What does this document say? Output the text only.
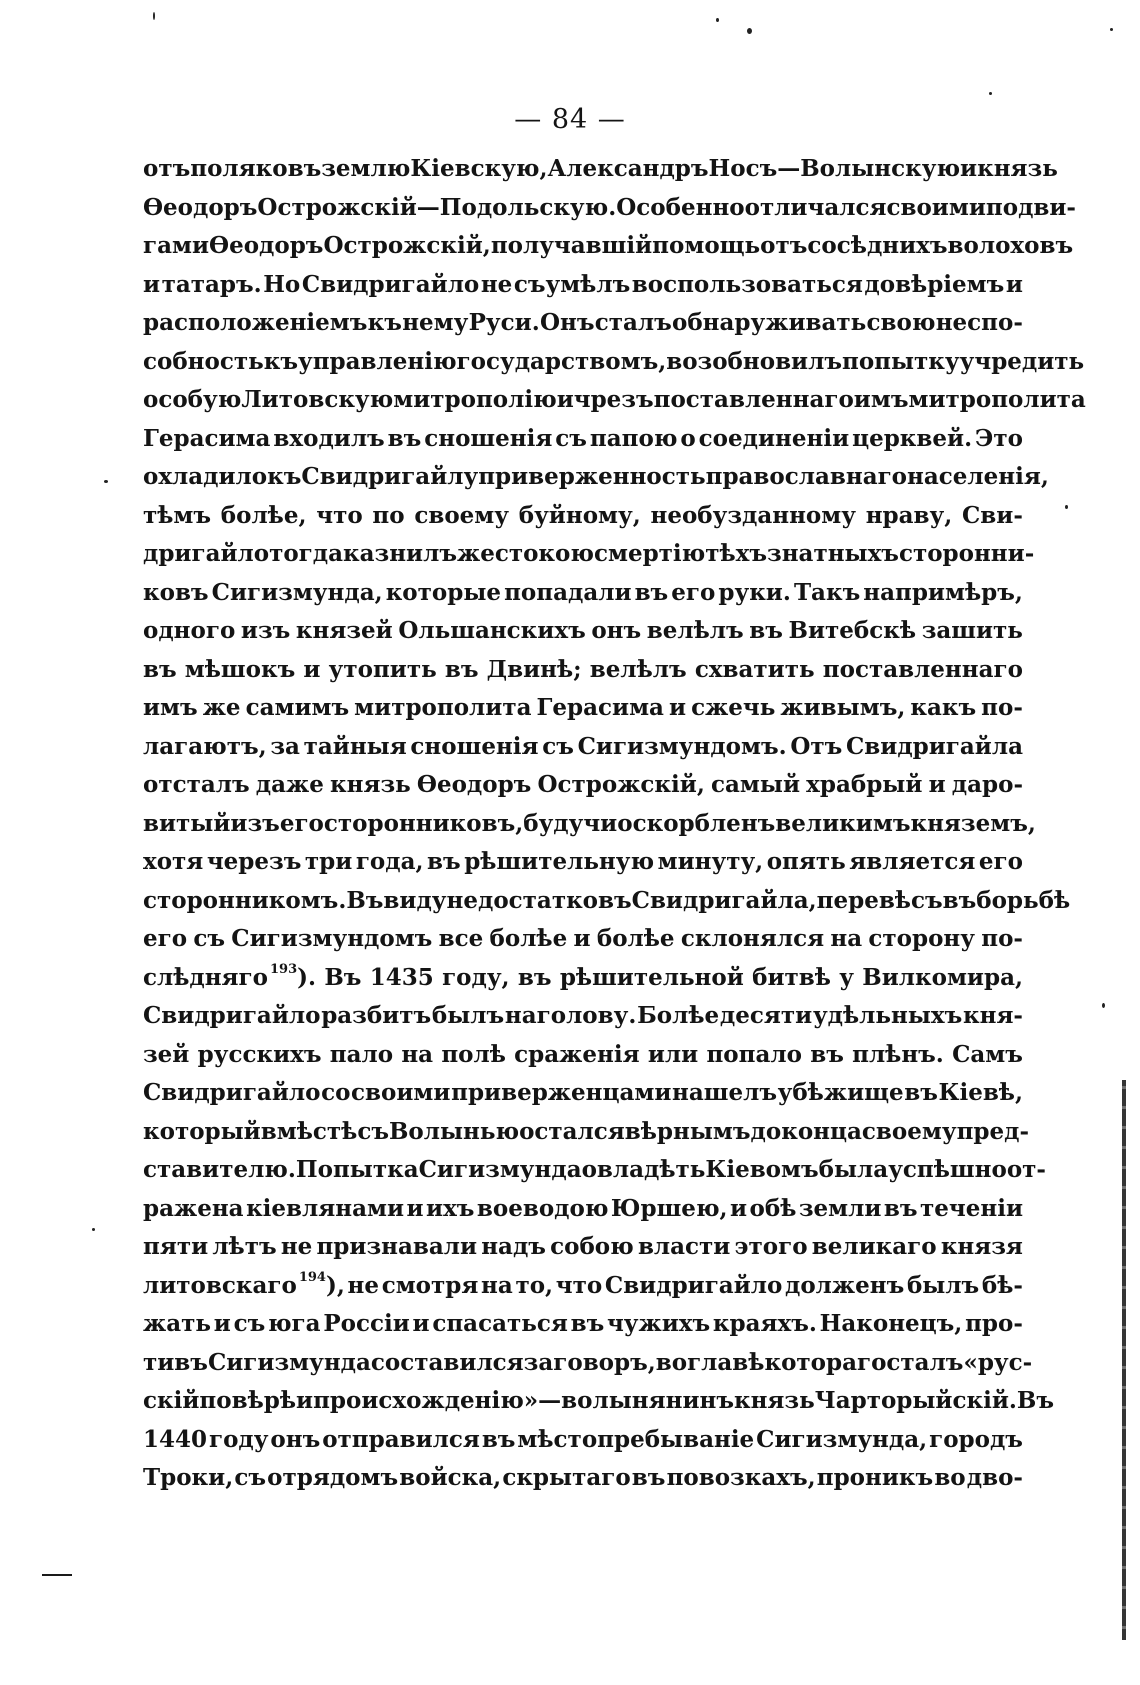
— 84 —
отъ поляковъ землю Кіевскую, Александръ Носъ—Волынскую и князь
Ѳеодоръ Острожскій—Подольскую. Особенно отличался своими подви-
гами Ѳеодоръ Острожскій, получавшій помощь отъ сосѣднихъ волоховъ
и татаръ. Но Свидригайло не съумѣлъ воспользоваться довѣріемъ и
расположеніемъ къ нему Руси. Онъ сталъ обнаруживать свою неспо-
собность къ управленію государствомъ, возобновилъ попытку учредить
особую Литовскую митрополію и чрезъ поставленнаго имъ митрополита
Герасима входилъ въ сношенія съ папою о соединеніи церквей. Это
охладило къ Свидригайлу приверженность православнаго населенія,
тѣмъ болѣе, что по своему буйному, необузданному нраву, Сви-
дригайло тогда казнилъ жестокою смертію тѣхъ знатныхъ сторонни-
ковъ Сигизмунда, которые попадали въ его руки. Такъ напримѣръ,
одного изъ князей Ольшанскихъ онъ велѣлъ въ Витебскѣ зашить
въ мѣшокъ и утопить въ Двинѣ; велѣлъ схватить поставленнаго
имъ же самимъ митрополита Герасима и сжечь живымъ, какъ по-
лагаютъ, за тайныя сношенія съ Сигизмундомъ. Отъ Свидригайла
отсталъ даже князь Ѳеодоръ Острожскій, самый храбрый и даро-
витый изъ его сторонниковъ, будучи оскорбленъ великимъ княземъ,
хотя черезъ три года, въ рѣшительную минуту, опять является его
сторонникомъ. Въ виду недостатковъ Свидригайла, перевѣсъ въ борьбѣ
его съ Сигизмундомъ все болѣе и болѣе склонялся на сторону по-
слѣдняго $^{193}$). Въ 1435 году, въ рѣшительной битвѣ у Вилкомира,
Свидригайло разбитъ былъ наголову. Болѣе десяти удѣльныхъ кня-
зей русскихъ пало на полѣ сраженія или попало въ плѣнъ. Самъ
Свидригайло со своими приверженцами нашелъ убѣжище въ Кіевѣ,
который вмѣстѣ съ Волынью остался вѣрнымъ до конца своему пред-
ставителю. Попытка Сигизмунда овладѣть Кіевомъ была успѣшно от-
ражена кіевлянами и ихъ воеводою Юршею, и обѣ земли въ теченіи
пяти лѣтъ не признавали надъ собою власти этого великаго князя
литовскаго $^{194}$), не смотря на то, что Свидригайло долженъ былъ бѣ-
жать и съ юга Россіи и спасаться въ чужихъ краяхъ. Наконецъ, про-
тивъ Сигизмунда составился заговоръ, во главѣ котораго сталъ «рус-
скій по вѣрѣ и происхожденію»—волынянинъ князь Чарторыйскій. Въ
1440 году онъ отправился въ мѣстопребываніе Сигизмунда, городъ
Троки, съ отрядомъ войска, скрытаго въ повозкахъ, проникъ во дво-
